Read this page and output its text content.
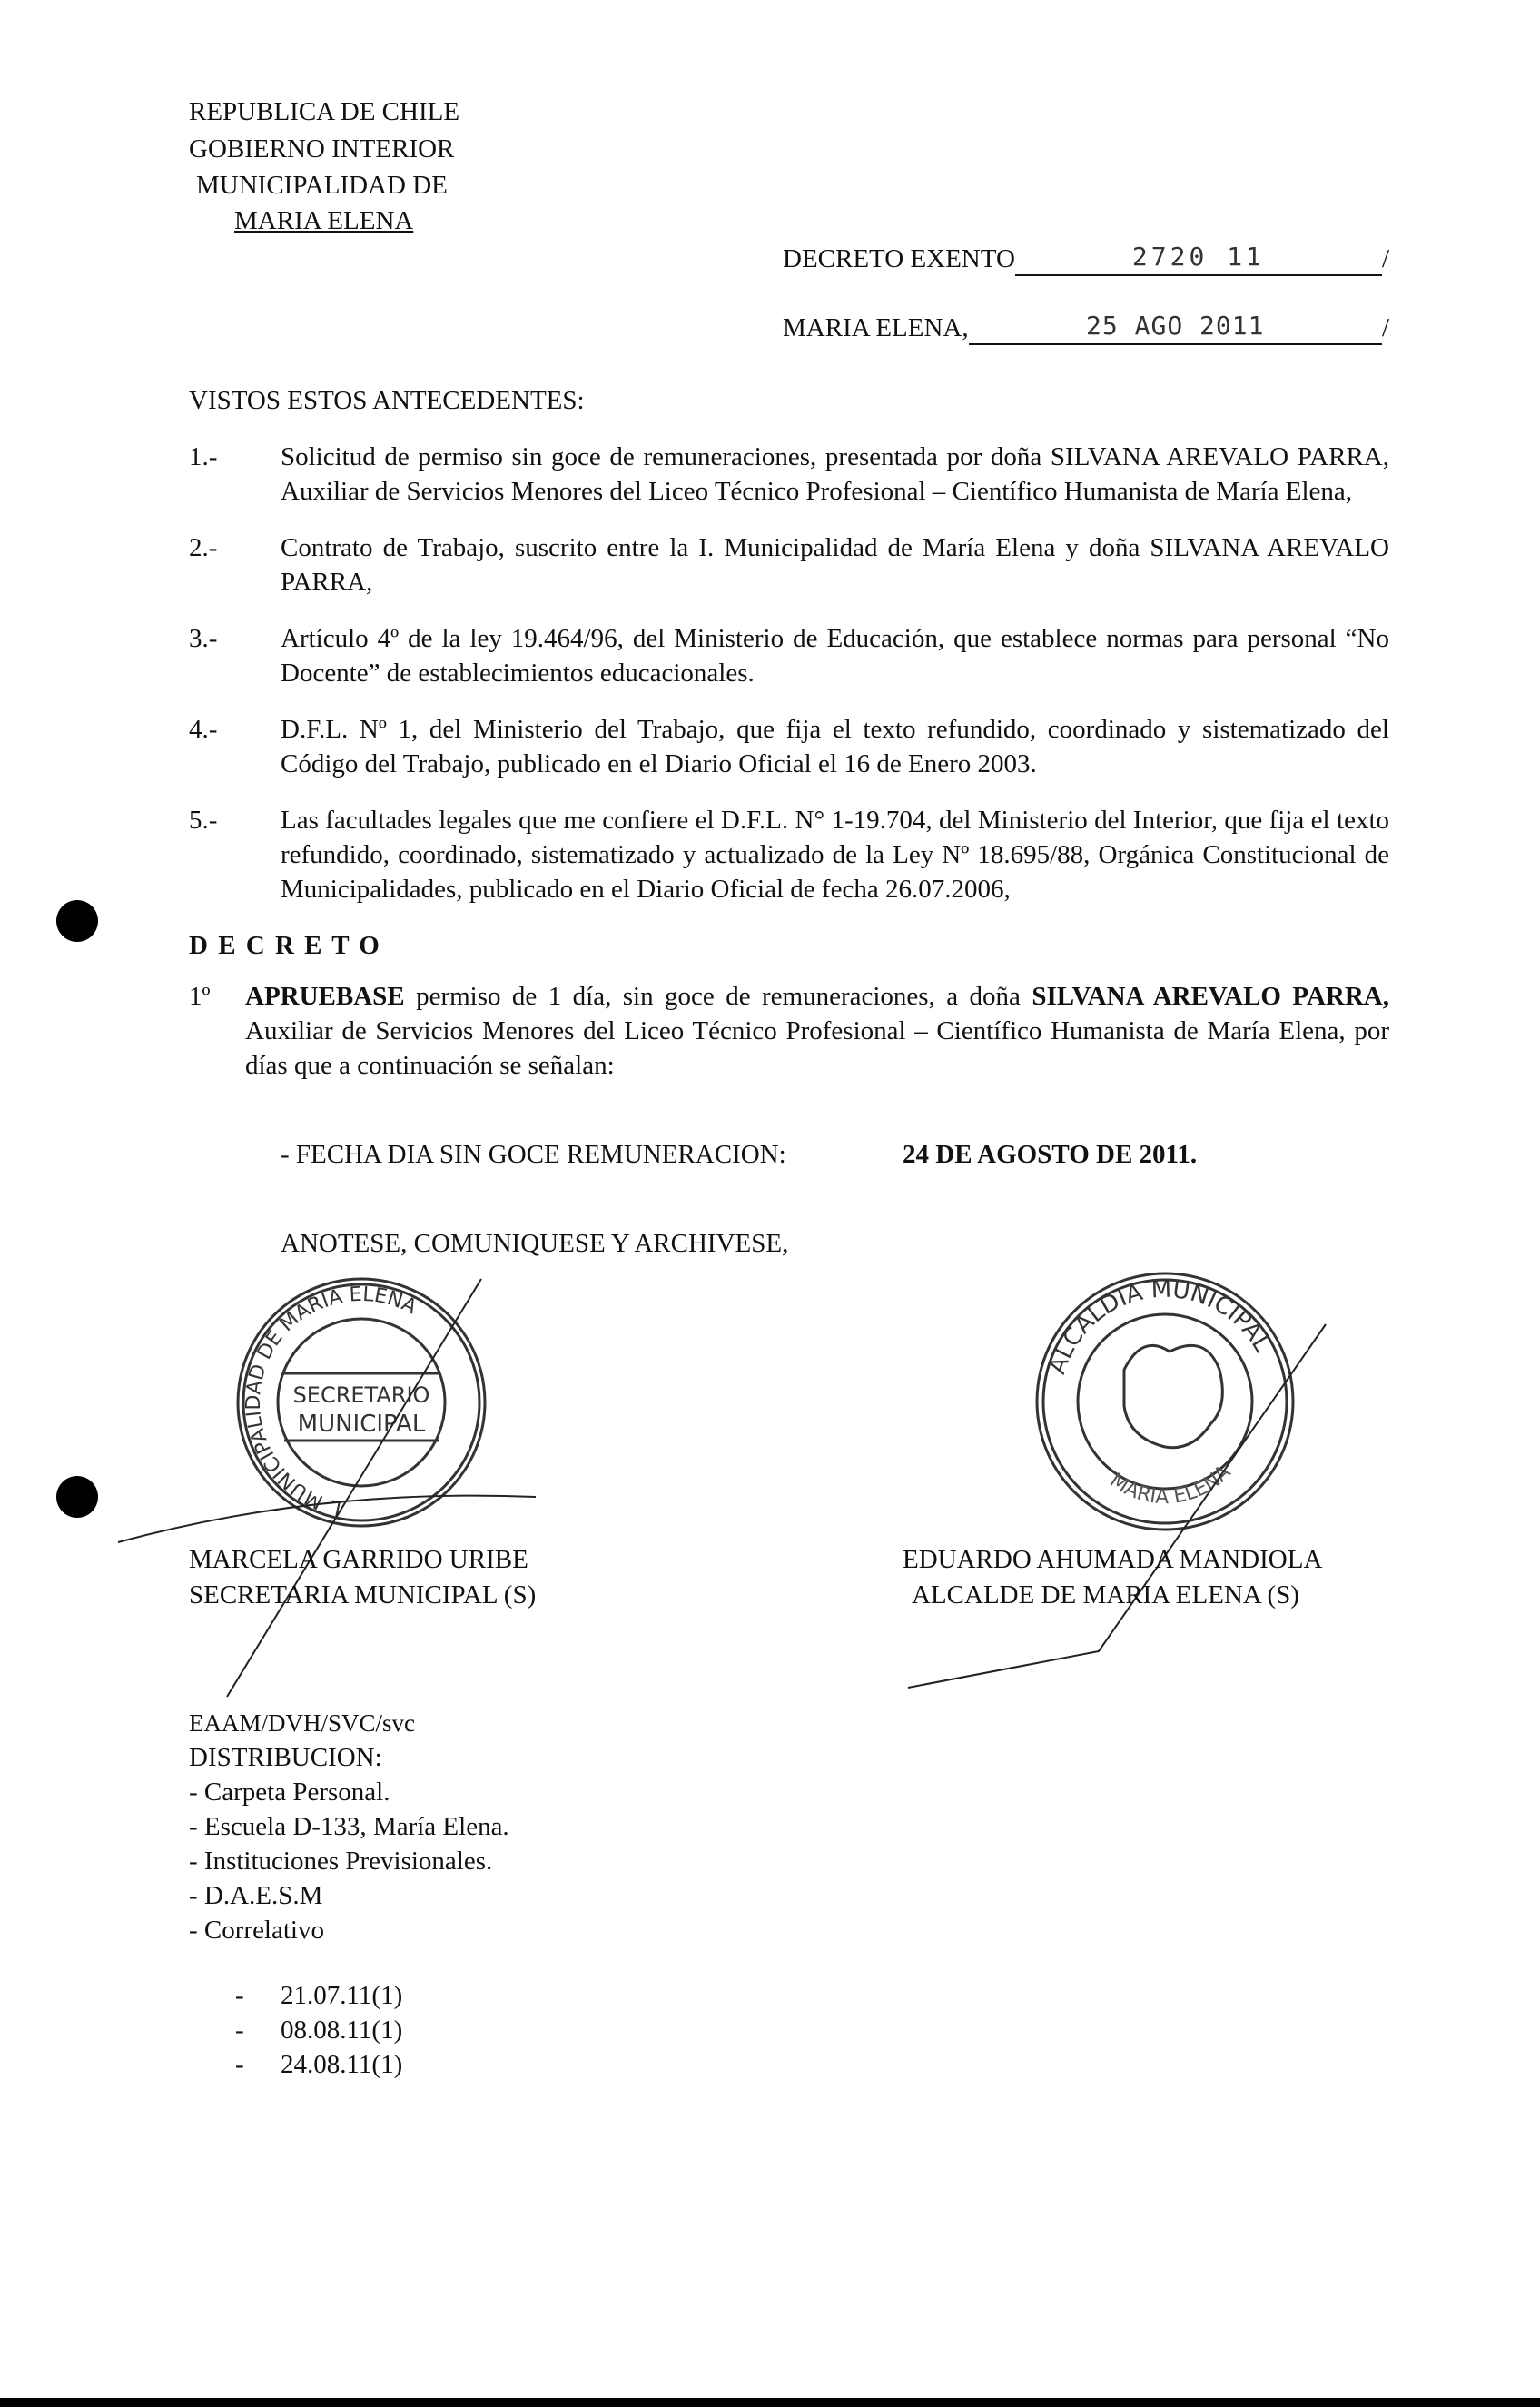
REPUBLICA DE CHILE
GOBIERNO INTERIOR
MUNICIPALIDAD DE
MARIA ELENA
DECRETO EXENTO	2720 11	/
MARIA ELENA,	25 AGO 2011	/
VISTOS ESTOS ANTECEDENTES:
1.-	Solicitud de permiso sin goce de remuneraciones, presentada por doña SILVANA AREVALO PARRA, Auxiliar de Servicios Menores del Liceo Técnico Profesional – Científico Humanista de María Elena,
2.-	Contrato de Trabajo, suscrito entre la I. Municipalidad de María Elena y doña SILVANA AREVALO PARRA,
3.-	Artículo 4º de la ley 19.464/96, del Ministerio de Educación, que establece normas para personal “No Docente” de establecimientos educacionales.
4.-	D.F.L. Nº 1, del Ministerio del Trabajo, que fija el texto refundido, coordinado y sistematizado del Código del Trabajo, publicado en el Diario Oficial el 16 de Enero 2003.
5.-	Las facultades legales que me confiere el D.F.L. N° 1-19.704, del Ministerio del Interior, que fija el texto refundido, coordinado, sistematizado y actualizado de la Ley Nº 18.695/88, Orgánica Constitucional de Municipalidades, publicado en el Diario Oficial de fecha 26.07.2006,
D E C R E T O
1º	APRUEBASE permiso de 1 día, sin goce de remuneraciones, a doña SILVANA AREVALO PARRA, Auxiliar de Servicios Menores del Liceo Técnico Profesional – Científico Humanista de María Elena, por días que a continuación se señalan:
- FECHA DIA SIN GOCE REMUNERACION:	24 DE AGOSTO DE 2011.
ANOTESE, COMUNIQUESE Y ARCHIVESE,
I. MUNICIPALIDAD DE MARIA ELENA
SECRETARIO
MUNICIPAL
ALCALDIA MUNICIPAL
MARIA ELENA
MARCELA GARRIDO URIBE
SECRETARIA MUNICIPAL (S)
EDUARDO AHUMADA MANDIOLA
ALCALDE DE MARIA ELENA (S)
EAAM/DVH/SVC/svc
DISTRIBUCION:
- Carpeta Personal.
- Escuela D-133, María Elena.
- Instituciones Previsionales.
- D.A.E.S.M
- Correlativo
-	21.07.11(1)
-	08.08.11(1)
-	24.08.11(1)
